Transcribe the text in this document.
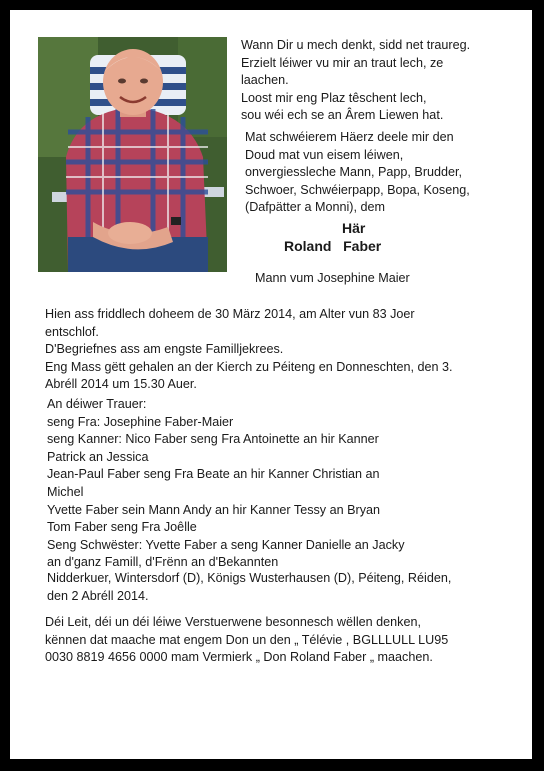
Wann Dir u mech denkt, sidd net traureg.
Erzielt léiwer vu mir an traut lech, ze
laachen.
Loost mir eng Plaz têschent lech,
sou wéi ech se an Ârem Liewen hat.
Mat schwéierem Häerz deele mir den
Doud mat vun eisem léiwen,
onvergiessleche Mann, Papp, Brudder,
Schwoer, Schwéierpapp, Bopa, Koseng,
(Dafpätter a Monni), dem
Här
Roland Faber
Mann vum Josephine Maier
Hien ass friddlech doheem de 30 März 2014, am Alter vun 83 Joer
entschlof.
D'Begriefnes ass am engste Familljekrees.
Eng Mass gëtt gehalen an der Kierch zu Péiteng en Donneschten, den 3.
Abréll 2014 um 15.30 Auer.
An déiwer Trauer:
seng Fra: Josephine Faber-Maier
seng Kanner: Nico Faber seng Fra Antoinette an hir Kanner
Patrick an Jessica
Jean-Paul Faber seng Fra Beate an hir Kanner Christian an
Michel
Yvette Faber sein Mann Andy an hir Kanner Tessy an Bryan
Tom Faber seng Fra Joêlle
Seng Schwëster: Yvette Faber a seng Kanner Danielle an Jacky
an d'ganz Famill, d'Frënn an d'Bekannten
Nidderkuer, Wintersdorf (D), Königs Wusterhausen (D), Péiteng, Réiden,
den 2 Abréll 2014.
Déi Leit, déi un déi léiwe Verstuerwene besonnesch wëllen denken,
kënnen dat maache mat engem Don un den „ Télévie , BGLLLULL LU95
0030 8819 4656 0000 mam Vermierk „ Don Roland Faber „ maachen.
